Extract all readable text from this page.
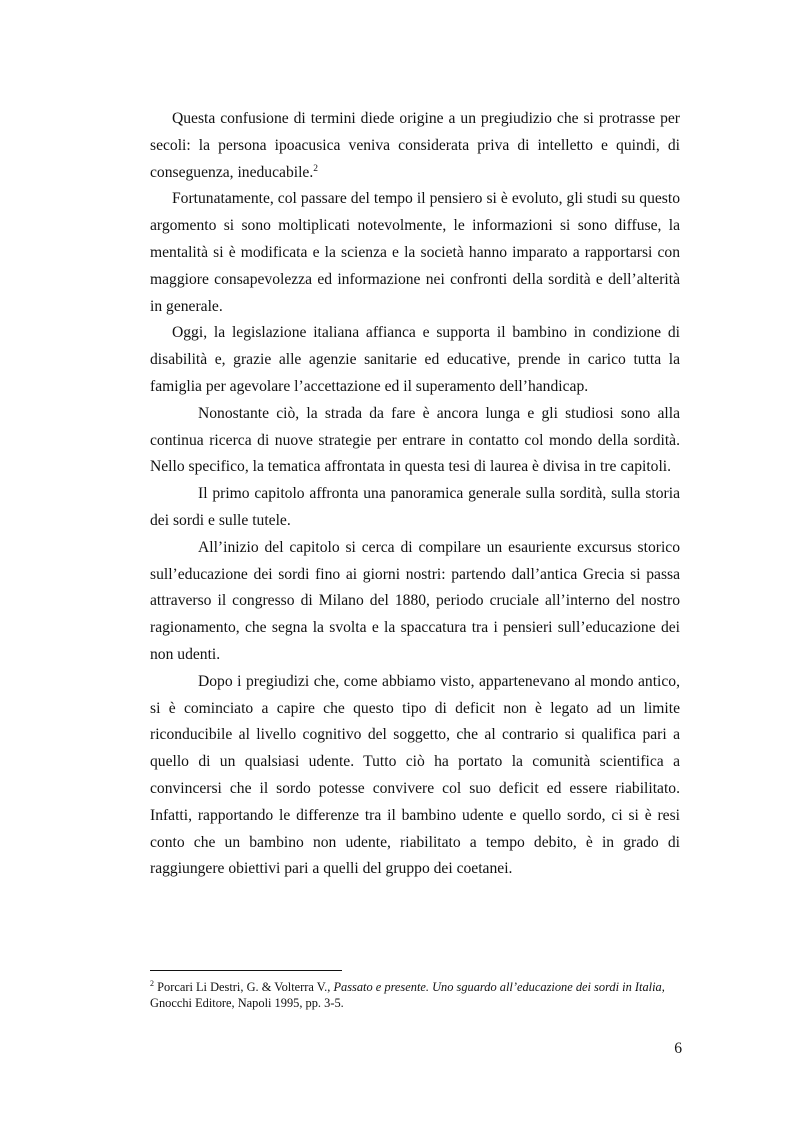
Questa confusione di termini diede origine a un pregiudizio che si protrasse per secoli: la persona ipoacusica veniva considerata priva di intelletto e quindi, di conseguenza, ineducabile.$^2$

Fortunatamente, col passare del tempo il pensiero si è evoluto, gli studi su questo argomento si sono moltiplicati notevolmente, le informazioni si sono diffuse, la mentalità si è modificata e la scienza e la società hanno imparato a rapportarsi con maggiore consapevolezza ed informazione nei confronti della sordità e dell’alterità in generale.

Oggi, la legislazione italiana affianca e supporta il bambino in condizione di disabilità e, grazie alle agenzie sanitarie ed educative, prende in carico tutta la famiglia per agevolare l’accettazione ed il superamento dell’handicap.

Nonostante ciò, la strada da fare è ancora lunga e gli studiosi sono alla continua ricerca di nuove strategie per entrare in contatto col mondo della sordità. Nello specifico, la tematica affrontata in questa tesi di laurea è divisa in tre capitoli.

Il primo capitolo affronta una panoramica generale sulla sordità, sulla storia dei sordi e sulle tutele.

All’inizio del capitolo si cerca di compilare un esauriente excursus storico sull’educazione dei sordi fino ai giorni nostri: partendo dall’antica Grecia si passa attraverso il congresso di Milano del 1880, periodo cruciale all’interno del nostro ragionamento, che segna la svolta e la spaccatura tra i pensieri sull’educazione dei non udenti.

Dopo i pregiudizi che, come abbiamo visto, appartenevano al mondo antico, si è cominciato a capire che questo tipo di deficit non è legato ad un limite riconducibile al livello cognitivo del soggetto, che al contrario si qualifica pari a quello di un qualsiasi udente. Tutto ciò ha portato la comunità scientifica a convincersi che il sordo potesse convivere col suo deficit ed essere riabilitato. Infatti, rapportando le differenze tra il bambino udente e quello sordo, ci si è resi conto che un bambino non udente, riabilitato a tempo debito, è in grado di raggiungere obiettivi pari a quelli del gruppo dei coetanei.

$^2$ Porcari Li Destri, G. & Volterra V., Passato e presente. Uno sguardo all’educazione dei sordi in Italia, Gnocchi Editore, Napoli 1995, pp. 3-5.

6
